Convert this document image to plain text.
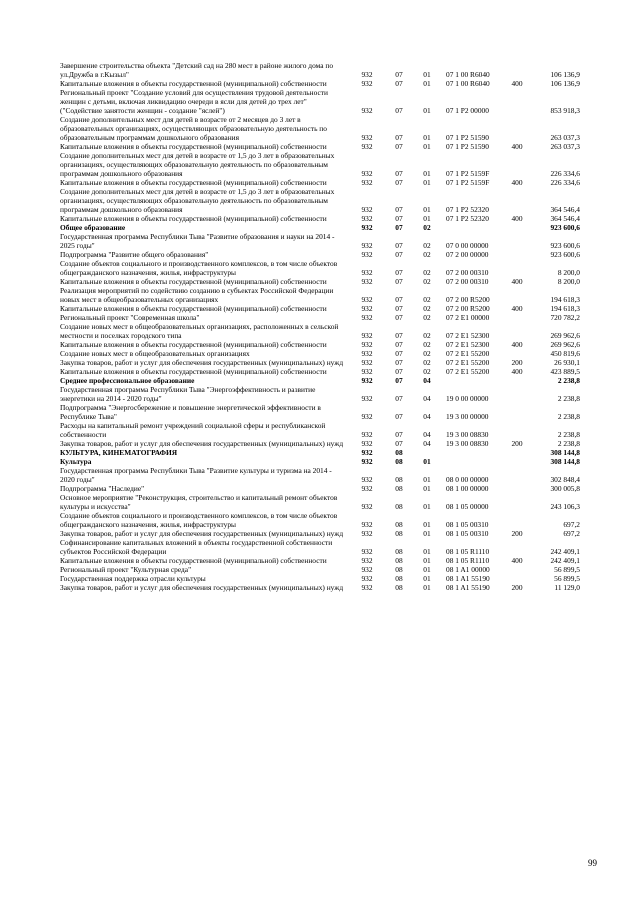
Завершение строительства объекта "Детский сад на 280 мест в районе жилого дома по ул.Дружба в г.Кызыл"	932	07	01	07 1 00 R6040		106 136,9
Капитальные вложения в объекты государственной (муниципальной) собственности	932	07	01	07 1 00 R6040	400	106 136,9
Региональный проект "Создание условий для осуществления трудовой деятельности женщин с детьми, включая ликвидацию очереди в ясли для детей до трех лет" ("Содействие занятости женщин - создание "яслей")	932	07	01	07 1 P2 00000		853 918,3
Создание дополнительных мест для детей в возрасте от 2 месяцев до 3 лет в образовательных организациях, осуществляющих образовательную деятельность по образовательным программам дошкольного образования	932	07	01	07 1 P2 51590		263 037,3
Капитальные вложения в объекты государственной (муниципальной) собственности	932	07	01	07 1 P2 51590	400	263 037,3
Создание дополнительных мест для детей в возрасте от 1,5 до 3 лет в образовательных организациях, осуществляющих образовательную деятельность по образовательным программам дошкольного образования	932	07	01	07 1 P2 5159F		226 334,6
Капитальные вложения в объекты государственной (муниципальной) собственности	932	07	01	07 1 P2 5159F	400	226 334,6
Создание дополнительных мест для детей в возрасте от 1,5 до 3 лет в образовательных организациях, осуществляющих образовательную деятельность по образовательным программам дошкольного образования	932	07	01	07 1 P2 52320		364 546,4
Капитальные вложения в объекты государственной (муниципальной) собственности	932	07	01	07 1 P2 52320	400	364 546,4
Общее образование	932	07	02			923 600,6
Государственная программа Республики Тыва "Развитие образования и науки на 2014 - 2025 годы"	932	07	02	07 0 00 00000		923 600,6
Подпрограмма "Развитие общего образования"	932	07	02	07 2 00 00000		923 600,6
Создание объектов социального и производственного комплексов, в том числе объектов общегражданского назначения, жилья, инфраструктуры	932	07	02	07 2 00 00310		8 200,0
Капитальные вложения в объекты государственной (муниципальной) собственности	932	07	02	07 2 00 00310	400	8 200,0
Реализация мероприятий по содействию созданию в субъектах Российской Федерации новых мест в общеобразовательных организациях	932	07	02	07 2 00 R5200		194 618,3
Капитальные вложения в объекты государственной (муниципальной) собственности	932	07	02	07 2 00 R5200	400	194 618,3
Региональный проект "Современная школа"	932	07	02	07 2 E1 00000		720 782,2
Создание новых мест в общеобразовательных организациях, расположенных в сельской местности и поселках городского типа	932	07	02	07 2 E1 52300		269 962,6
Капитальные вложения в объекты государственной (муниципальной) собственности	932	07	02	07 2 E1 52300	400	269 962,6
Создание новых мест в общеобразовательных организациях	932	07	02	07 2 E1 55200		450 819,6
Закупка товаров, работ и услуг для обеспечения государственных (муниципальных) нужд	932	07	02	07 2 E1 55200	200	26 930,1
Капитальные вложения в объекты государственной (муниципальной) собственности	932	07	02	07 2 E1 55200	400	423 889,5
Среднее профессиональное образование	932	07	04			2 238,8
Государственная программа Республики Тыва "Энергоэффективность и развитие энергетики на 2014 - 2020 годы"	932	07	04	19 0 00 00000		2 238,8
Подпрограмма "Энергосбережение и повышение энергетической эффективности в Республике Тыва"	932	07	04	19 3 00 00000		2 238,8
Расходы на капитальный ремонт учреждений социальной сферы и республиканской собственности	932	07	04	19 3 00 08830		2 238,8
Закупка товаров, работ и услуг для обеспечения государственных (муниципальных) нужд	932	07	04	19 3 00 08830	200	2 238,8
КУЛЬТУРА, КИНЕМАТОГРАФИЯ	932	08				308 144,8
Культура	932	08	01			308 144,8
Государственная программа Республики Тыва "Развитие культуры и туризма на 2014 - 2020 годы"	932	08	01	08 0 00 00000		302 848,4
Подпрограмма "Наследие"	932	08	01	08 1 00 00000		300 005,8
Основное мероприятие "Реконструкция, строительство и капитальный ремонт объектов культуры и искусства"	932	08	01	08 1 05 00000		243 106,3
Создание объектов социального и производственного комплексов, в том числе объектов общегражданского назначения, жилья, инфраструктуры	932	08	01	08 1 05 00310		697,2
Закупка товаров, работ и услуг для обеспечения государственных (муниципальных) нужд	932	08	01	08 1 05 00310	200	697,2
Софинансирование капитальных вложений в объекты государственной собственности субъектов Российской Федерации	932	08	01	08 1 05 R1110		242 409,1
Капитальные вложения в объекты государственной (муниципальной) собственности	932	08	01	08 1 05 R1110	400	242 409,1
Региональный проект "Культурная среда"	932	08	01	08 1 A1 00000		56 899,5
Государственная поддержка отрасли культуры	932	08	01	08 1 A1 55190		56 899,5
Закупка товаров, работ и услуг для обеспечения государственных (муниципальных) нужд	932	08	01	08 1 A1 55190	200	11 129,0
99
